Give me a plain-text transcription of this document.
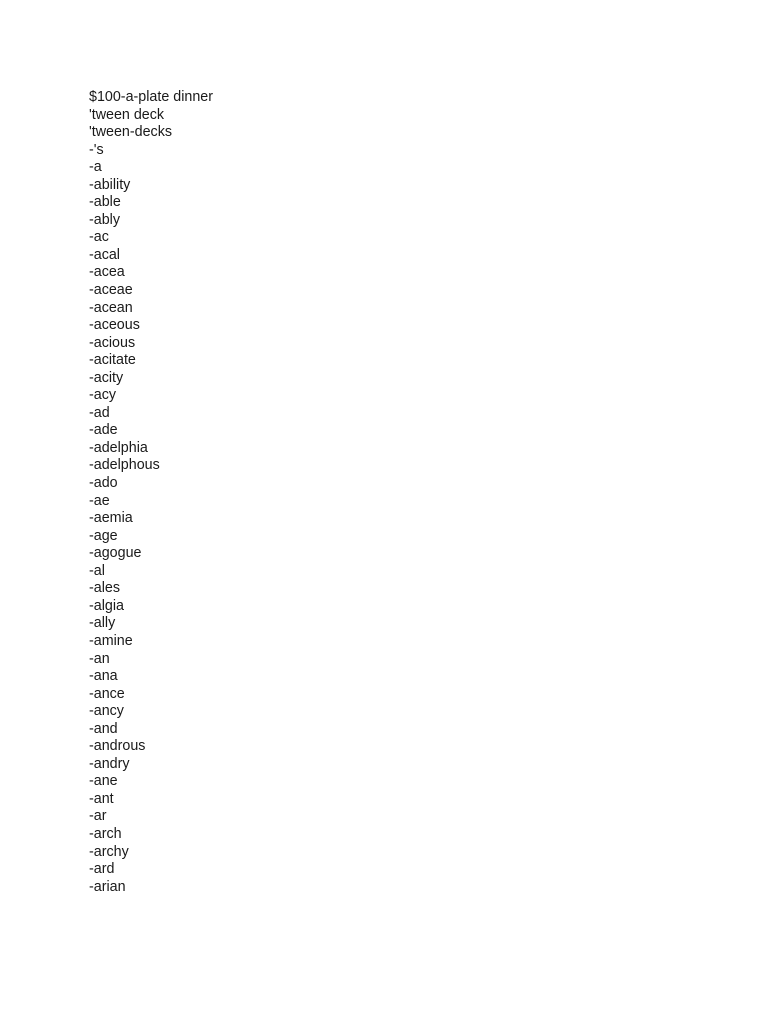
$100-a-plate dinner
'tween deck
'tween-decks
-'s
-a
-ability
-able
-ably
-ac
-acal
-acea
-aceae
-acean
-aceous
-acious
-acitate
-acity
-acy
-ad
-ade
-adelphia
-adelphous
-ado
-ae
-aemia
-age
-agogue
-al
-ales
-algia
-ally
-amine
-an
-ana
-ance
-ancy
-and
-androus
-andry
-ane
-ant
-ar
-arch
-archy
-ard
-arian
